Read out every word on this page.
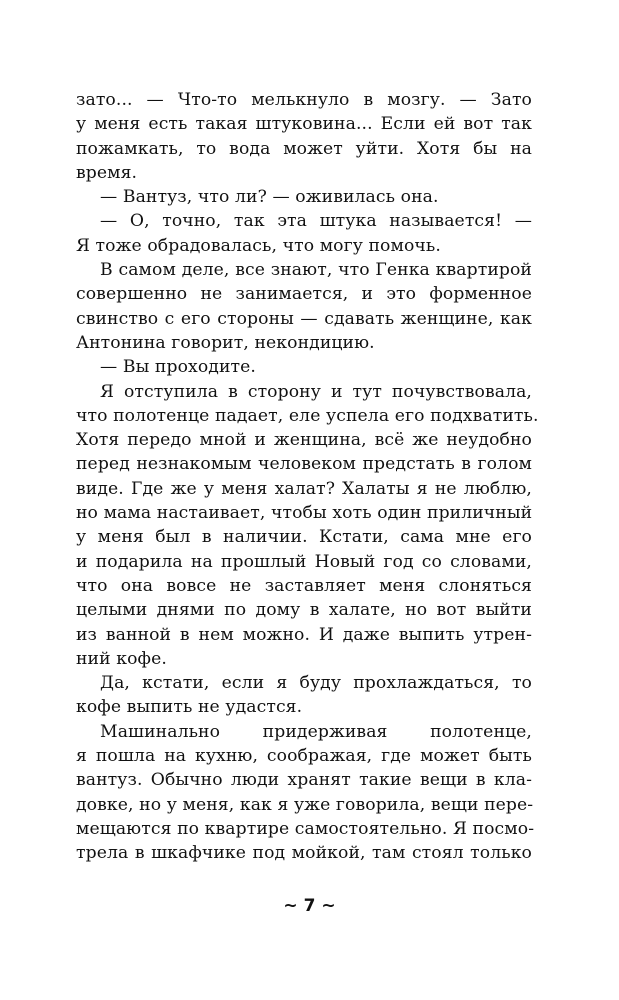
зато... — Что-то мелькнуло в мозгу. — Зато
у меня есть такая штуковина... Если ей вот так
пожамкать, то вода может уйти. Хотя бы на
время.
— Вантуз, что ли? — оживилась она.
— О, точно, так эта штука называется! —
Я тоже обрадовалась, что могу помочь.
В самом деле, все знают, что Генка квартирой
совершенно не занимается, и это форменное
свинство с его стороны — сдавать женщине, как
Антонина говорит, некондицию.
— Вы проходите.
Я отступила в сторону и тут почувствовала,
что полотенце падает, еле успела его подхватить.
Хотя передо мной и женщина, всё же неудобно
перед незнакомым человеком предстать в голом
виде. Где же у меня халат? Халаты я не люблю,
но мама настаивает, чтобы хоть один приличный
у меня был в наличии. Кстати, сама мне его
и подарила на прошлый Новый год со словами,
что она вовсе не заставляет меня слоняться
целыми днями по дому в халате, но вот выйти
из ванной в нем можно. И даже выпить утрен-
ний кофе.
Да, кстати, если я буду прохлаждаться, то
кофе выпить не удастся.
Машинально придерживая полотенце,
я пошла на кухню, соображая, где может быть
вантуз. Обычно люди хранят такие вещи в кла-
довке, но у меня, как я уже говорила, вещи пере-
мещаются по квартире самостоятельно. Я посмо-
трела в шкафчике под мойкой, там стоял только
~ 7 ~
